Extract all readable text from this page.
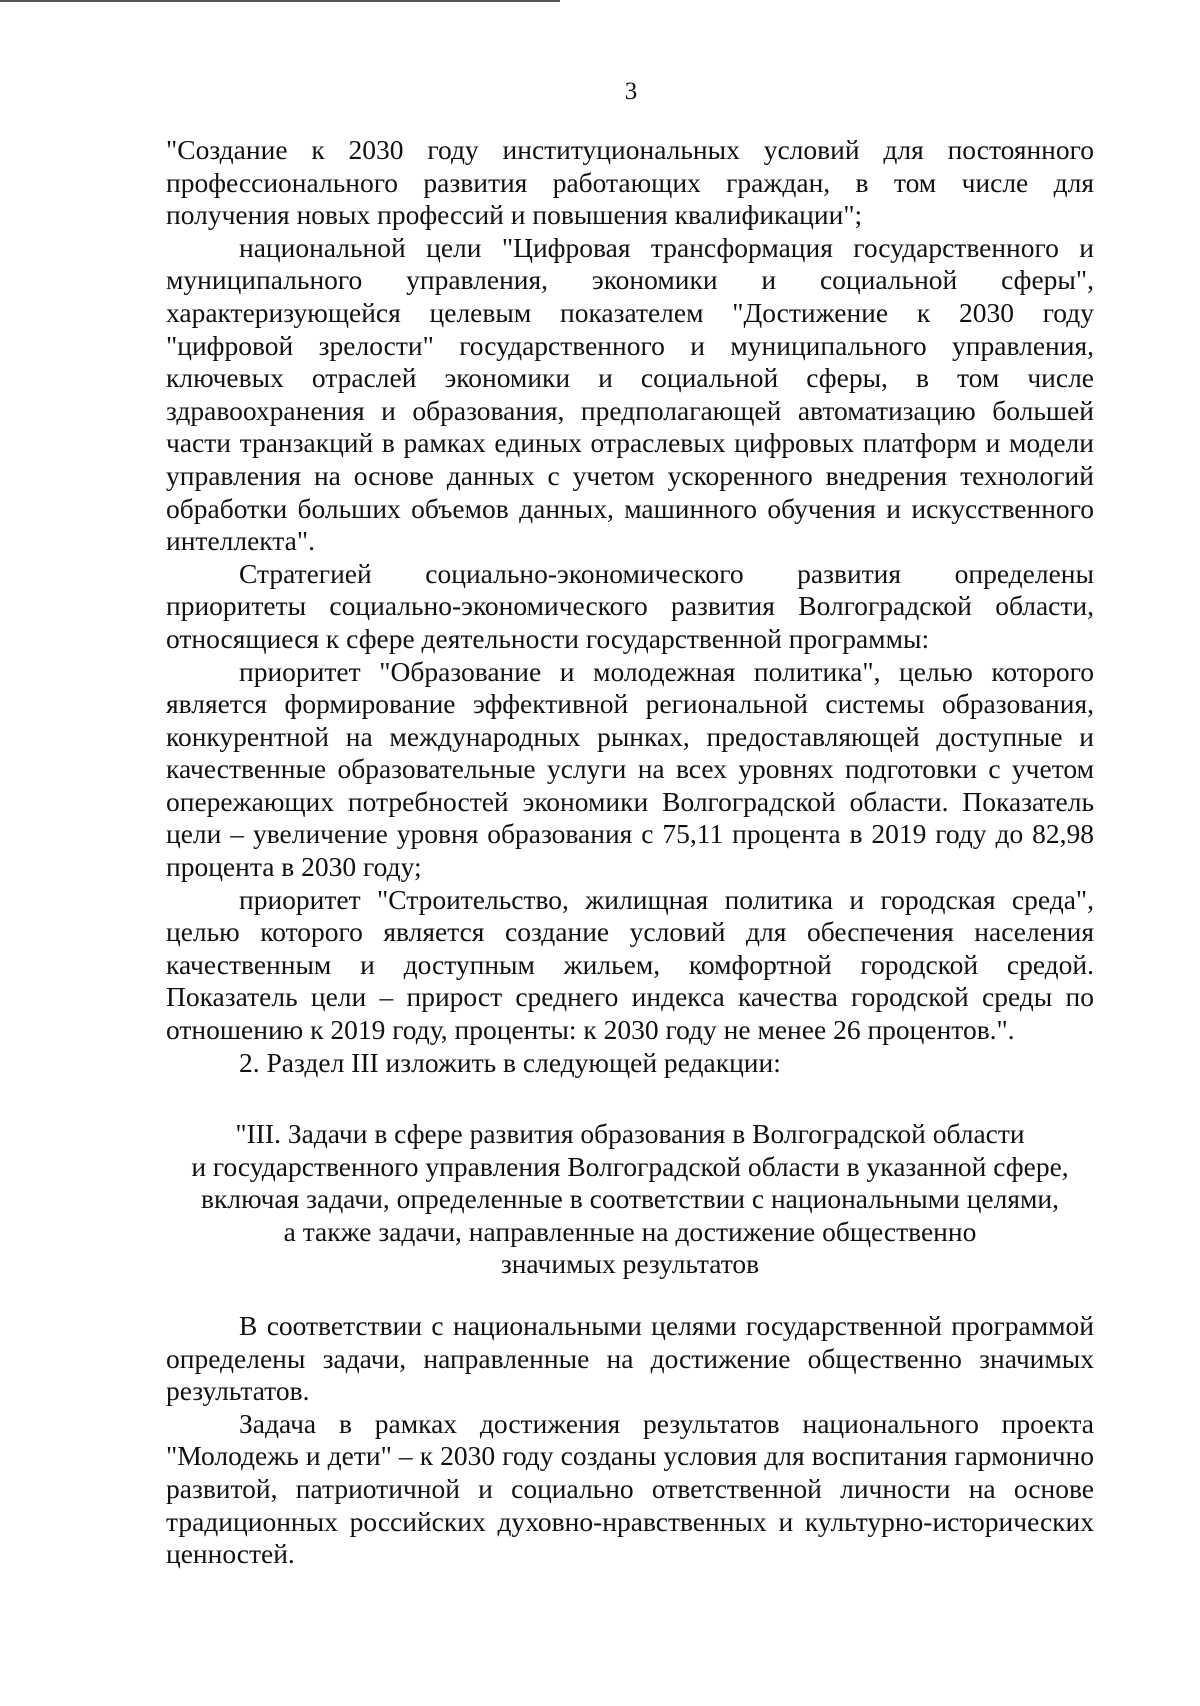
3

"Создание к 2030 году институциональных условий для постоянного профессионального развития работающих граждан, в том числе для получения новых профессий и повышения квалификации";

национальной цели "Цифровая трансформация государственного и муниципального управления, экономики и социальной сферы", характеризующейся целевым показателем "Достижение к 2030 году "цифровой зрелости" государственного и муниципального управления, ключевых отраслей экономики и социальной сферы, в том числе здравоохранения и образования, предполагающей автоматизацию большей части транзакций в рамках единых отраслевых цифровых платформ и модели управления на основе данных с учетом ускоренного внедрения технологий обработки больших объемов данных, машинного обучения и искусственного интеллекта".

Стратегией социально-экономического развития определены приоритеты социально-экономического развития Волгоградской области, относящиеся к сфере деятельности государственной программы:

приоритет "Образование и молодежная политика", целью которого является формирование эффективной региональной системы образования, конкурентной на международных рынках, предоставляющей доступные и качественные образовательные услуги на всех уровнях подготовки с учетом опережающих потребностей экономики Волгоградской области. Показатель цели – увеличение уровня образования с 75,11 процента в 2019 году до 82,98 процента в 2030 году;

приоритет "Строительство, жилищная политика и городская среда", целью которого является создание условий для обеспечения населения качественным и доступным жильем, комфортной городской средой. Показатель цели – прирост среднего индекса качества городской среды по отношению к 2019 году, проценты: к 2030 году не менее 26 процентов.".

2. Раздел III изложить в следующей редакции:

"III. Задачи в сфере развития образования в Волгоградской области
и государственного управления Волгоградской области в указанной сфере,
включая задачи, определенные в соответствии с национальными целями,
а также задачи, направленные на достижение общественно
значимых результатов

В соответствии с национальными целями государственной программой определены задачи, направленные на достижение общественно значимых результатов.

Задача в рамках достижения результатов национального проекта "Молодежь и дети" – к 2030 году созданы условия для воспитания гармонично развитой, патриотичной и социально ответственной личности на основе традиционных российских духовно-нравственных и культурно-исторических ценностей.
